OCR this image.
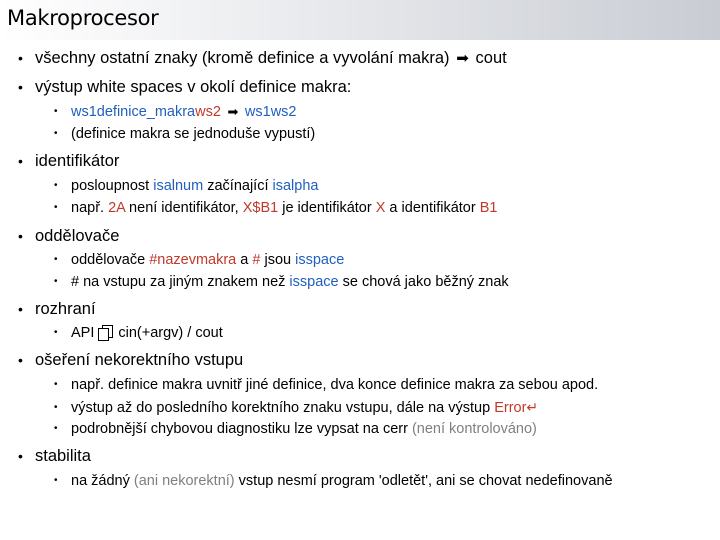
Makroprocesor
• všechny ostatní znaky (kromě definice a vyvolání makra) ➡ cout
• výstup white spaces v okolí definice makra:
• ws1definice_makraws2 ➡ ws1ws2
• (definice makra se jednoduše vypustí)
• identifikátor
• posloupnost isalnum začínající isalpha
• např. 2A není identifikátor, X$B1 je identifikátor X a identifikátor B1
• oddělovače
• oddělovače #nazevmakra a # jsou isspace
• # na vstupu za jiným znakem než isspace se chová jako běžný znak
• rozhraní
• API cin(+argv) / cout
• ošeření nekorektního vstupu
• např. definice makra uvnitř jiné definice, dva konce definice makra za sebou apod.
• výstup až do posledního korektního znaku vstupu, dále na výstup Error↵
• podrobnější chybovou diagnostiku lze vypsat na cerr (není kontrolováno)
• stabilita
• na žádný (ani nekorektní) vstup nesmí program 'odletět', ani se chovat nedefinovaně
